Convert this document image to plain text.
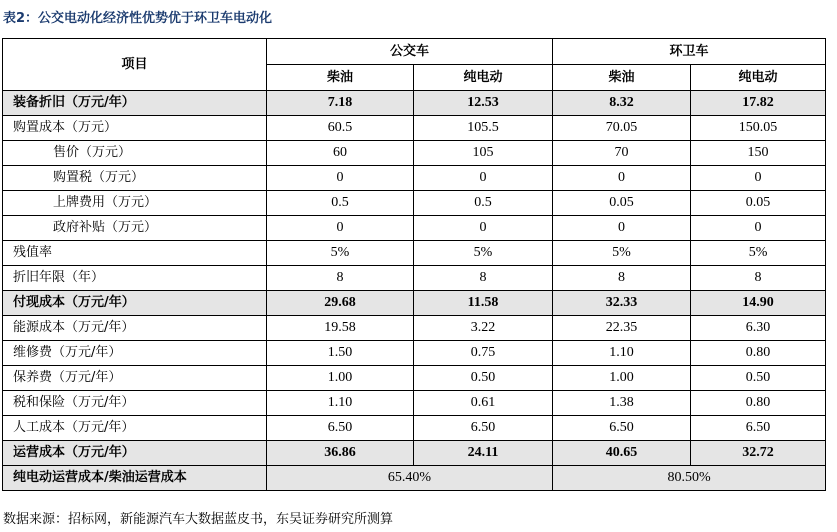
表2：公交电动化经济性优势优于环卫车电动化
项目	公交车		环卫车	
	柴油	纯电动	柴油	纯电动
装备折旧（万元/年）	7.18	12.53	8.32	17.82
购置成本（万元）	60.5	105.5	70.05	150.05
售价（万元）	60	105	70	150
购置税（万元）	0	0	0	0
上牌费用（万元）	0.5	0.5	0.05	0.05
政府补贴（万元）	0	0	0	0
残值率	5%	5%	5%	5%
折旧年限（年）	8	8	8	8
付现成本（万元/年）	29.68	11.58	32.33	14.90
能源成本（万元/年）	19.58	3.22	22.35	6.30
维修费（万元/年）	1.50	0.75	1.10	0.80
保养费（万元/年）	1.00	0.50	1.00	0.50
税和保险（万元/年）	1.10	0.61	1.38	0.80
人工成本（万元/年）	6.50	6.50	6.50	6.50
运营成本（万元/年）	36.86	24.11	40.65	32.72
纯电动运营成本/柴油运营成本	65.40%		80.50%	
数据来源：招标网，新能源汽车大数据蓝皮书，东吴证券研究所测算
